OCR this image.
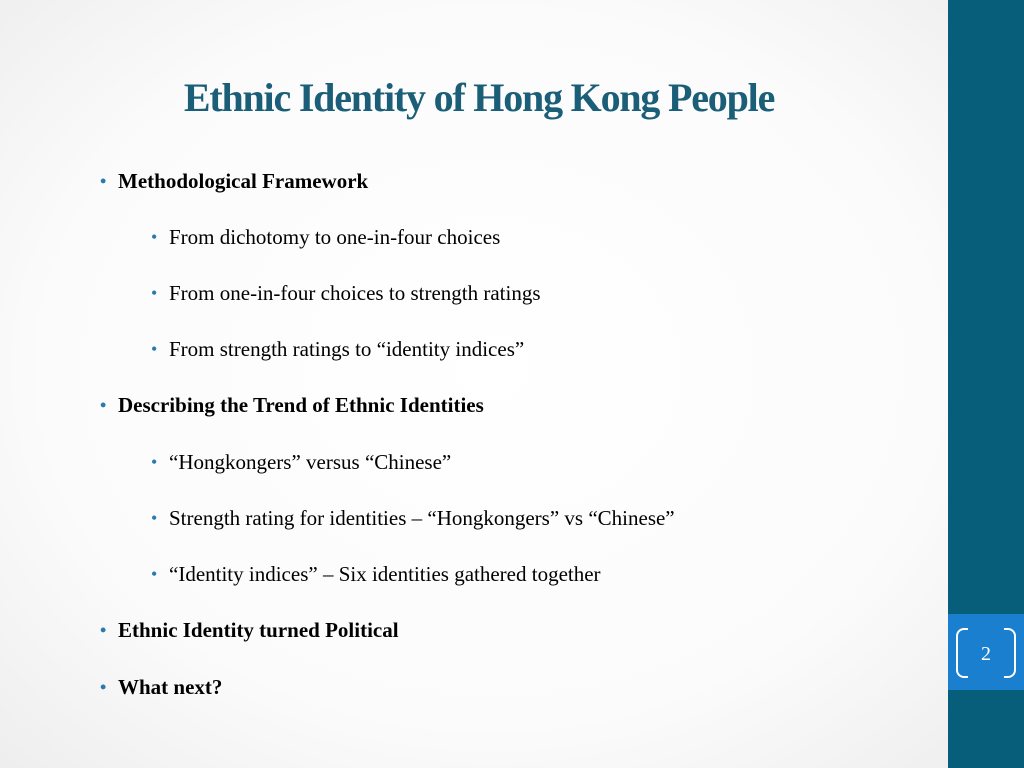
Ethnic Identity of Hong Kong People
• Methodological Framework
• From dichotomy to one-in-four choices
• From one-in-four choices to strength ratings
• From strength ratings to “identity indices”
• Describing the Trend of Ethnic Identities
• “Hongkongers” versus “Chinese”
• Strength rating for identities – “Hongkongers” vs “Chinese”
• “Identity indices” – Six identities gathered together
• Ethnic Identity turned Political
• What next?
2
